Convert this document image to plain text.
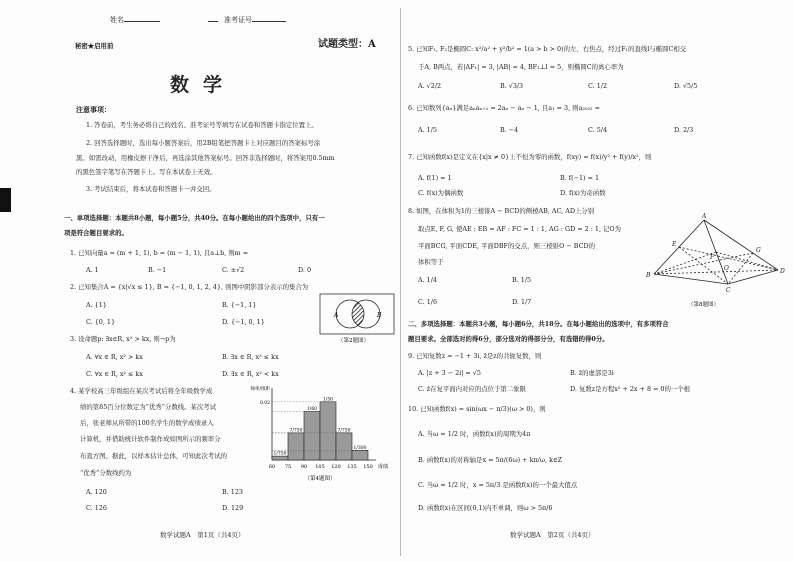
姓名	准考证号
秘密★启用前	试题类型：A
数学
注意事项：
1. 答卷前，考生务必将自己的姓名、准考证号等填写在试卷和答题卡指定位置上。
2. 回答选择题时，选出每小题答案后，用2B铅笔把答题卡上对应题目的答案标号涂
黑。如需改动，用橡皮擦干净后，再选涂其他答案标号。回答非选择题时，将答案用0.5mm
的黑色签字笔写在答题卡上。写在本试卷上无效。
3. 考试结束后，将本试卷和答题卡一并交回。
一、单项选择题：本题共8小题，每小题5分，共40分。在每小题给出的四个选项中，只有一
项是符合题目要求的。
1. 已知向量a = (m + 1, 1), b = (m − 1, 1), 且a⊥b, 则m =
A. 1	B. −1	C. ±√2	D. 0
2. 已知集合A = {x|√x ≤ 1}, B = {−1, 0, 1, 2, 4}, 则图中阴影部分表示的集合为
A. {1}	B. {−1, 1}
C. {0, 1}	D. {−1, 0, 1}
A	B
（第2题图）
3. 设命题p: ∃x∈R, x² > kx, 则¬p为
A. ∀x ∈ R, x² > kx	B. ∃x ∈ R, x² ≤ kx
C. ∀x ∈ R, x² ≤ kx	D. ∃x ∈ R, x² < kx
4. 某学校高三年级组在某次考试后将全年级数学成
绩的第85百分位数定为“优秀”分数线。某次考试
后，张老师从所带的100名学生的数学成绩录入
计算机，并借助统计软件制作成如图所示的频率分
布直方图。据此，以样本估计总体，可知此次考试的
“优秀”分数线约为
A. 120	B. 123
C. 126	D. 129
1/750
7/750
1/60
1/50
7/750
1/300
60 75 90 105 120 135 150
0.02
频率/组距
成绩
（第4题图）
数学试题A　第1页（共4页）
5. 已知F₁, F₂是椭圆C: x²/a² + y²/b² = 1(a > b > 0)的左、右焦点，经过F₁的直线l与椭圆C相交
于A, B两点，若|AF₁| = 3, |AB| = 4, BF₁⊥l = 5，则椭圆C的离心率为
A. √2/2	B. √3/3	C. 1/2	D. √5/5
6. 已知数列{aₙ}满足aₙaₙ₊₁ = 2aₙ − aₙ − 1, 且a₁ = 3, 则a₂₀₂₂ =
A. 1/5	B. −4	C. 5/4	D. 2/3
7. 已知函数f(x)是定义在{x|x ≠ 0}上不恒为零的函数，f(xy) = f(x)/y² + f(y)/x²，则
A. f(1) = 1	B. f(−1) = 1
C. f(x)为偶函数	D. f(x)为奇函数
8. 如图，在体积为1的三棱锥A − BCD的侧棱AB, AC, AD上分别
取点E, F, G, 使AE : EB = AF : FC = 1 : 1, AG : GD = 2 : 1, 记O为
平面BCG, 平面CDE, 平面DBF的交点，则三棱锥O − BCD的
体积等于
A. 1/4	B. 1/5
C. 1/6	D. 1/7
A
B
C
D
E
F
G
O
（第8题图）
二、多项选择题：本题共3小题，每小题6分，共18分。在每小题给出的选项中，有多项符合
题目要求。全部选对的得6分，部分选对的得部分分，有选错的得0分。
9. 已知复数z = −1 + 3i, z̄是z的共轭复数，则
A. |z + 3 − 2i| = √5	B. z̄的虚部是3i
C. z̄在复平面内对应的点位于第二象限	D. 复数z是方程x² + 2x + 8 = 0的一个根
10. 已知函数f(x) = sin(ωx − π/3)(ω > 0)，则
A. 当ω = 1/2 时，函数f(x)的周期为4π
B. 函数f(x)的对称轴是x = 5π/(6ω) + kπ/ω, k∈Z
C. 当ω = 1/2 时，x = 5π/3 是函数f(x)的一个最大值点
D. 函数f(x)在区间(0,1)内不单调，则ω > 5π/6
数学试题A　第2页（共4页）
